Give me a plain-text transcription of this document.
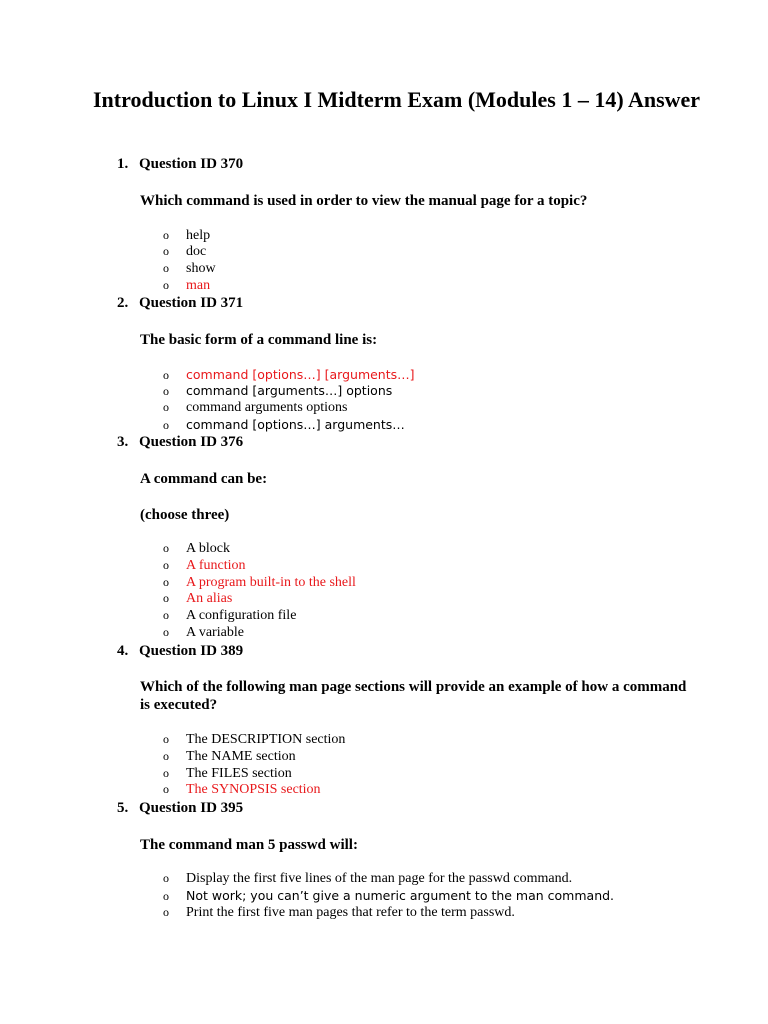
Introduction to Linux I Midterm Exam (Modules 1 – 14) Answer
1. Question ID 370
Which command is used in order to view the manual page for a topic?
o help
o doc
o show
o man
2. Question ID 371
The basic form of a command line is:
o command [options…] [arguments…]
o command [arguments…] options
o command arguments options
o command [options…] arguments…
3. Question ID 376
A command can be:
(choose three)
o A block
o A function
o A program built-in to the shell
o An alias
o A configuration file
o A variable
4. Question ID 389
Which of the following man page sections will provide an example of how a command is executed?
o The DESCRIPTION section
o The NAME section
o The FILES section
o The SYNOPSIS section
5. Question ID 395
The command man 5 passwd will:
o Display the first five lines of the man page for the passwd command.
o Not work; you can’t give a numeric argument to the man command.
o Print the first five man pages that refer to the term passwd.
